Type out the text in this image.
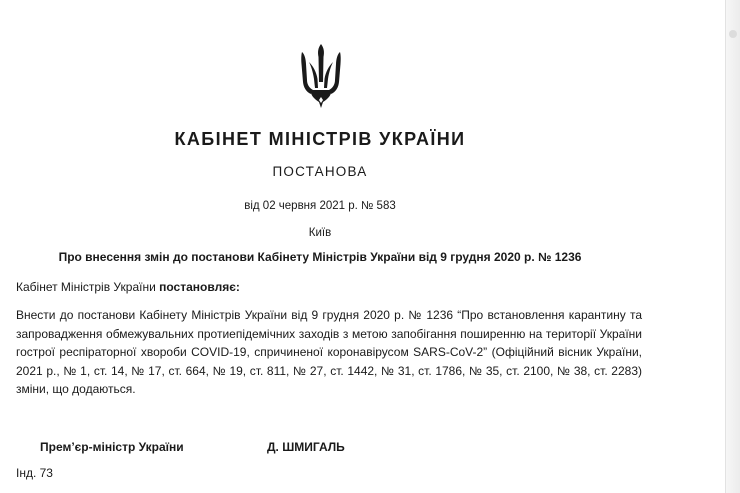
КАБІНЕТ МІНІСТРІВ УКРАЇНИ
ПОСТАНОВА
від 02 червня 2021 р. № 583
Київ
Про внесення змін до постанови Кабінету Міністрів України від 9 грудня 2020 р. № 1236
Кабінет Міністрів України постановляє:
Внести до постанови Кабінету Міністрів України від 9 грудня 2020 р. № 1236 “Про встановлення карантину та запровадження обмежувальних протиепідемічних заходів з метою запобігання поширенню на території України гострої респіраторної хвороби COVID-19, спричиненої коронавірусом SARS-CoV-2” (Офіційний вісник України, 2021 р., № 1, ст. 14, № 17, ст. 664, № 19, ст. 811, № 27, ст. 1442, № 31, ст. 1786, № 35, ст. 2100, № 38, ст. 2283) зміни, що додаються.
Прем’єр-міністр України	Д. ШМИГАЛЬ
Інд. 73
